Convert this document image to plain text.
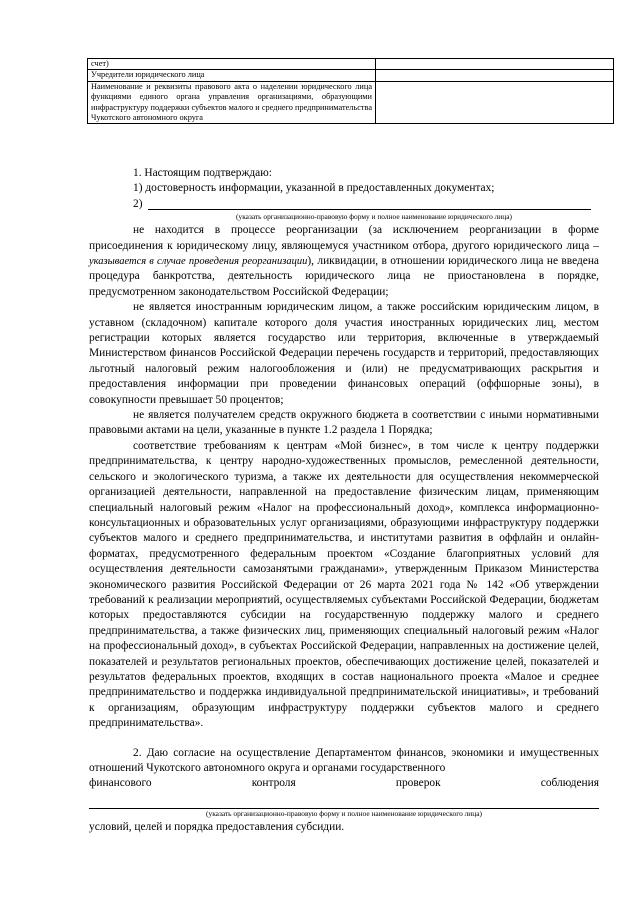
счет)	
Учредители юридического лица	
Наименование и реквизиты правового акта о наделении юридического лица функциями единого органа управления организациями, образующими инфраструктуру поддержки субъектов малого и среднего предпринимательства Чукотского автономного округа	

1. Настоящим подтверждаю:

1) достоверность информации, указанной в предоставленных документах;

2)

(указать организационно-правовую форму и полное наименование юридического лица)

не находится в процессе реорганизации (за исключением реорганизации в форме присоединения к юридическому лицу, являющемуся участником отбора, другого юридического лица – указывается в случае проведения реорганизации), ликвидации, в отношении юридического лица не введена процедура банкротства, деятельность юридического лица не приостановлена в порядке, предусмотренном законодательством Российской Федерации;

не является иностранным юридическим лицом, а также российским юридическим лицом, в уставном (складочном) капитале которого доля участия иностранных юридических лиц, местом регистрации которых является государство или территория, включенные в утверждаемый Министерством финансов Российской Федерации перечень государств и территорий, предоставляющих льготный налоговый режим налогообложения и (или) не предусматривающих раскрытия и предоставления информации при проведении финансовых операций (оффшорные зоны), в совокупности превышает 50 процентов;

не является получателем средств окружного бюджета в соответствии с иными нормативными правовыми актами на цели, указанные в пункте 1.2 раздела 1 Порядка;

соответствие требованиям к центрам «Мой бизнес», в том числе к центру поддержки предпринимательства, к центру народно-художественных промыслов, ремесленной деятельности, сельского и экологического туризма, а также их деятельности для осуществления некоммерческой организацией деятельности, направленной на предоставление физическим лицам, применяющим специальный налоговый режим «Налог на профессиональный доход», комплекса информационно-консультационных и образовательных услуг организациями, образующими инфраструктуру поддержки субъектов малого и среднего предпринимательства, и институтами развития в оффлайн и онлайн-форматах, предусмотренного федеральным проектом «Создание благоприятных условий для осуществления деятельности самозанятыми гражданами», утвержденным Приказом Министерства экономического развития Российской Федерации от 26 марта 2021 года № 142 «Об утверждении требований к реализации мероприятий, осуществляемых субъектами Российской Федерации, бюджетам которых предоставляются субсидии на государственную поддержку малого и среднего предпринимательства, а также физических лиц, применяющих специальный налоговый режим «Налог на профессиональный доход», в субъектах Российской Федерации, направленных на достижение целей, показателей и результатов региональных проектов, обеспечивающих достижение целей, показателей и результатов федеральных проектов, входящих в состав национального проекта «Малое и среднее предпринимательство и поддержка индивидуальной предпринимательской инициативы», и требований к организациям, образующим инфраструктуру поддержки субъектов малого и среднего предпринимательства».

2. Даю согласие на осуществление Департаментом финансов, экономики и имущественных отношений Чукотского автономного округа и органами государственного

финансового	контроля	проверок	соблюдения

(указать организационно-правовую форму и полное наименование юридического лица)

условий, целей и порядка предоставления субсидии.
